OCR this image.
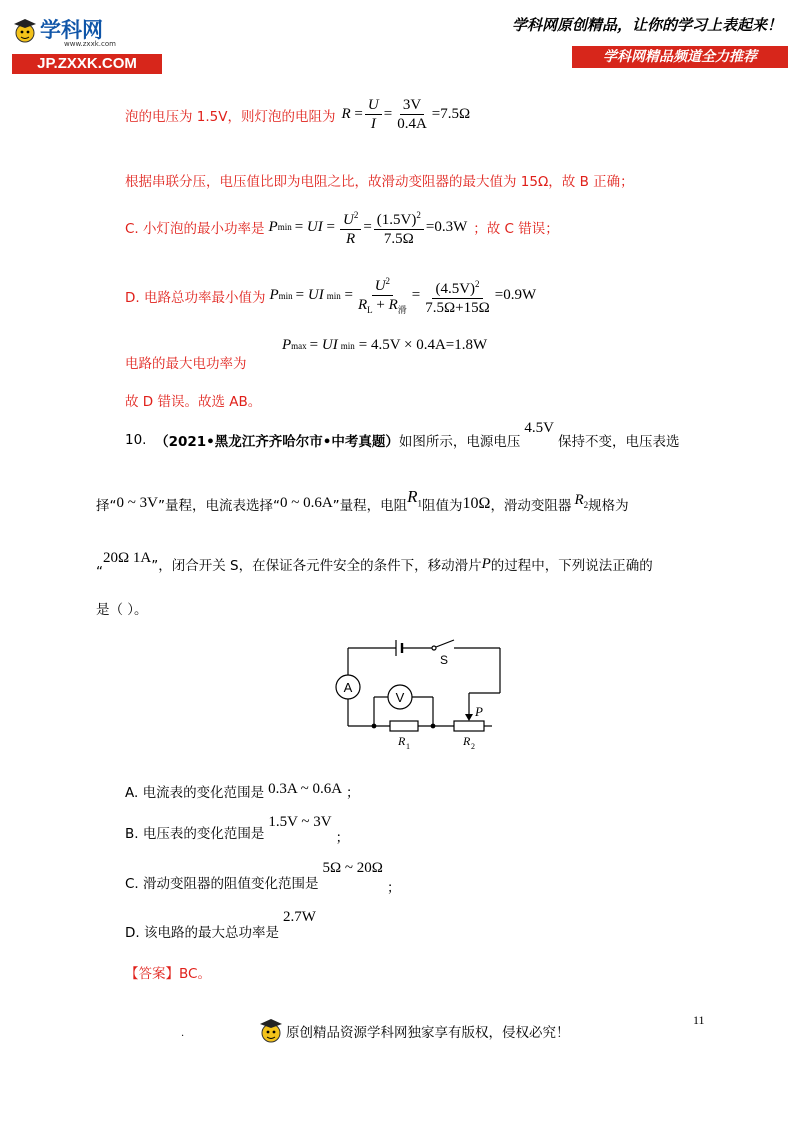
学科网
www.zxxk.com
JP.ZXXK.COM
学科网原创精品，让你的学习上表起来！
学科网精品频道全力推荐
泡的电压为 1.5V，则灯泡的电阻为 $R = \frac{U}{I} = \frac{3V}{0.4A} =7.5\Omega$
根据串联分压，电压值比即为电阻之比，故滑动变阻器的最大值为 15Ω，故 B 正确；
C. 小灯泡的最小功率是 P min = UI = $\frac{U^2}{R} = \frac{(1.5V)^2}{7.5\Omega} =0.3W$ ；故 C 错误；
D. 电路总功率最小值为 P min = UI $\min = \frac{U^2}{R_L + R_滑} = \frac{(4.5V)^2}{7.5\Omega+15\Omega} =0.9W$
P max = UI min = 4.5V × 0.4A=1.8W
电路的最大电功率为
故 D 错误。故选 AB。
10.
（2021•黑龙江齐齐哈尔市•中考真题） 如图所示，电源电压
4.5V
保持不变，电压表选
择“ 0 ~ 3V ”量程，电流表选择“ 0 ~ 0.6A ”量程，电阻 $R_1$ 阻值为 10Ω ，滑动变阻器 $R_2$ 规格为
“
20Ω 1A
”，闭合开关 S，在保证各元件安全的条件下，移动滑片 P 的过程中，下列说法正确的
是（ ）。
A
V
S
P
R 1	R 2
A. 电流表的变化范围是 0.3A ~ 0.6A ；
B. 电压表的变化范围是
1.5V ~ 3V
；
C. 滑动变阻器的阻值变化范围是
5Ω ~ 20Ω
；
D. 该电路的最大总功率是
2.7W
【答案】BC。
11
.	原创精品资源学科网独家享有版权，侵权必究！
